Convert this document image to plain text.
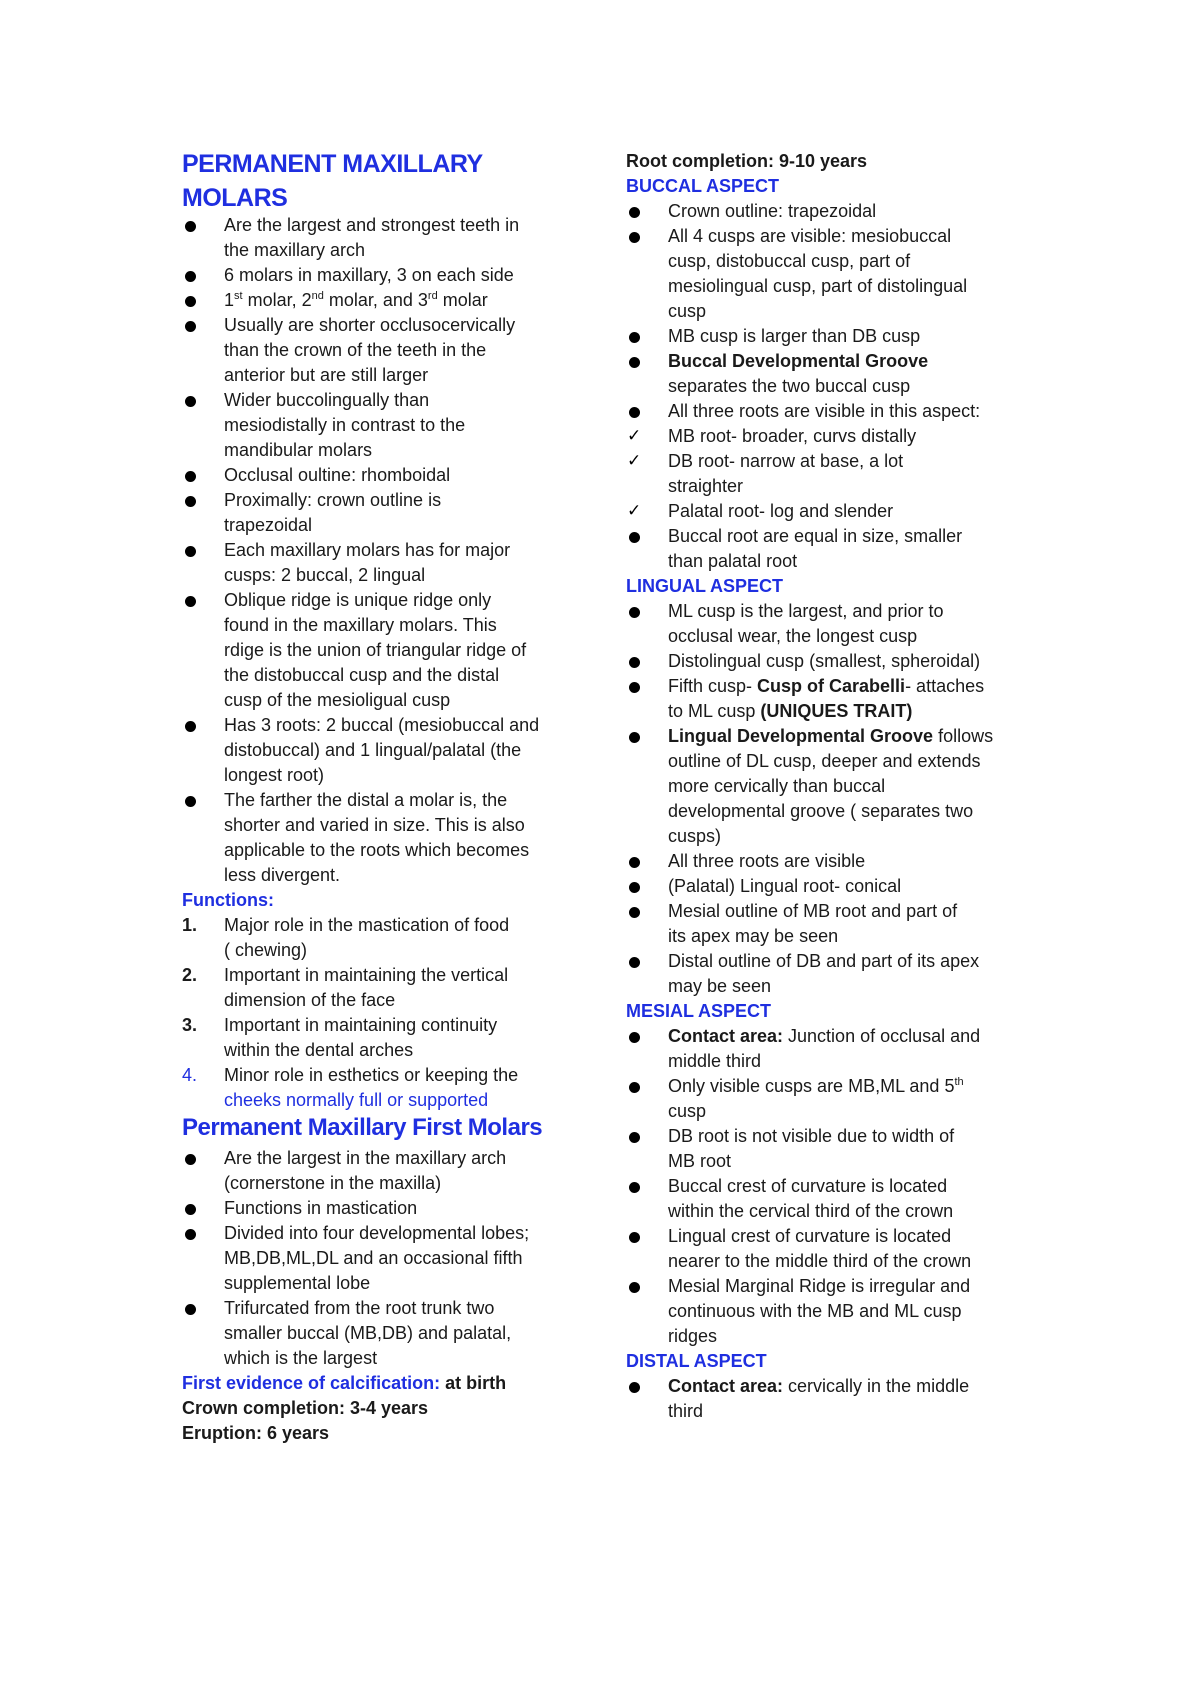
PERMANENT MAXILLARY
MOLARS
Are the largest and strongest teeth in
the maxillary arch
6 molars in maxillary, 3 on each side
1st molar, 2nd molar, and 3rd molar
Usually are shorter occlusocervically
than the crown of the teeth in the
anterior but are still larger
Wider buccolingually than
mesiodistally in contrast to the
mandibular molars
Occlusal oultine: rhomboidal
Proximally: crown outline is
trapezoidal
Each maxillary molars has for major
cusps: 2 buccal, 2 lingual
Oblique ridge is unique ridge only
found in the maxillary molars. This
rdige is the union of triangular ridge of
the distobuccal cusp and the distal
cusp of the mesioligual cusp
Has 3 roots: 2 buccal (mesiobuccal and
distobuccal) and 1 lingual/palatal (the
longest root)
The farther the distal a molar is, the
shorter and varied in size. This is also
applicable to the roots which becomes
less divergent.
Functions:
1. Major role in the mastication of food
( chewing)
2. Important in maintaining the vertical
dimension of the face
3. Important in maintaining continuity
within the dental arches
4. Minor role in esthetics or keeping the
cheeks normally full or supported
Permanent Maxillary First Molars
Are the largest in the maxillary arch
(cornerstone in the maxilla)
Functions in mastication
Divided into four developmental lobes;
MB,DB,ML,DL and an occasional fifth
supplemental lobe
Trifurcated from the root trunk two
smaller buccal (MB,DB) and palatal,
which is the largest
First evidence of calcification: at birth
Crown completion: 3-4 years
Eruption: 6 years
Root completion: 9-10 years
BUCCAL ASPECT
Crown outline: trapezoidal
All 4 cusps are visible: mesiobuccal
cusp, distobuccal cusp, part of
mesiolingual cusp, part of distolingual
cusp
MB cusp is larger than DB cusp
Buccal Developmental Groove
separates the two buccal cusp
All three roots are visible in this aspect:
✓ MB root- broader, curvs distally
✓ DB root- narrow at base, a lot
straighter
✓ Palatal root- log and slender
Buccal root are equal in size, smaller
than palatal root
LINGUAL ASPECT
ML cusp is the largest, and prior to
occlusal wear, the longest cusp
Distolingual cusp (smallest, spheroidal)
Fifth cusp- Cusp of Carabelli- attaches
to ML cusp (UNIQUES TRAIT)
Lingual Developmental Groove follows
outline of DL cusp, deeper and extends
more cervically than buccal
developmental groove ( separates two
cusps)
All three roots are visible
(Palatal) Lingual root- conical
Mesial outline of MB root and part of
its apex may be seen
Distal outline of DB and part of its apex
may be seen
MESIAL ASPECT
Contact area: Junction of occlusal and
middle third
Only visible cusps are MB,ML and 5th
cusp
DB root is not visible due to width of
MB root
Buccal crest of curvature is located
within the cervical third of the crown
Lingual crest of curvature is located
nearer to the middle third of the crown
Mesial Marginal Ridge is irregular and
continuous with the MB and ML cusp
ridges
DISTAL ASPECT
Contact area: cervically in the middle
third
